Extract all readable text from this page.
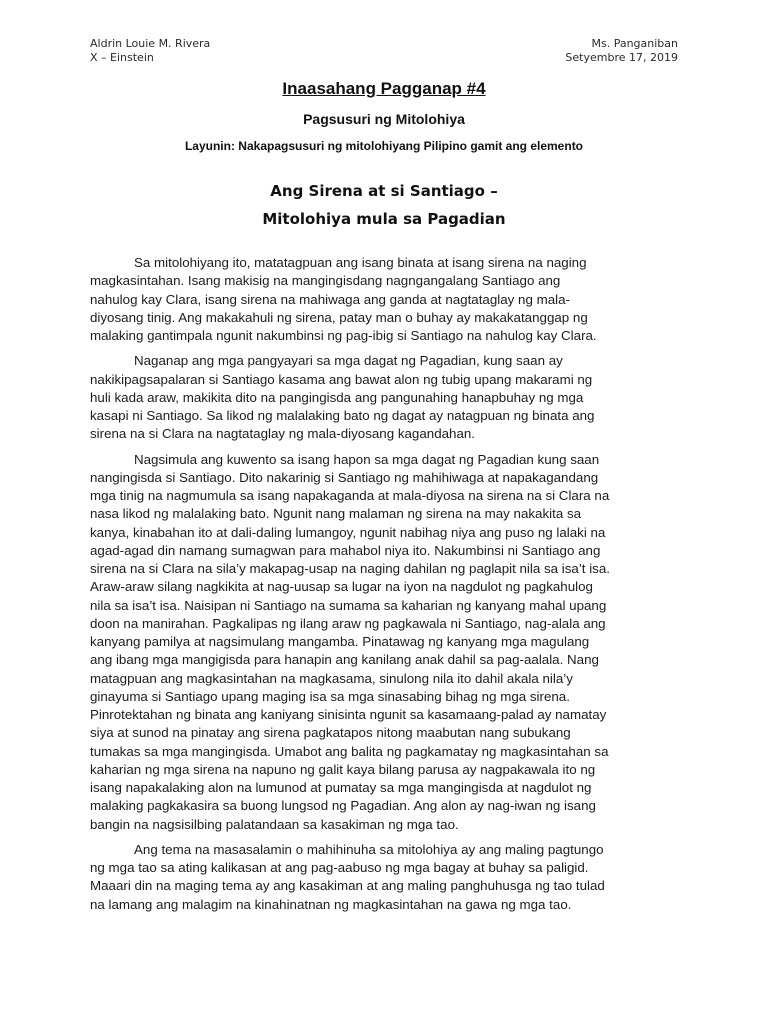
Aldrin Louie M. Rivera
X – Einstein
Ms. Panganiban
Setyembre 17, 2019
Inaasahang Pagganap #4
Pagsusuri ng Mitolohiya
Layunin: Nakapagsusuri ng mitolohiyang Pilipino gamit ang elemento
Ang Sirena at si Santiago –
Mitolohiya mula sa Pagadian
Sa mitolohiyang ito, matatagpuan ang isang binata at isang sirena na naging
magkasintahan. Isang makisig na mangingisdang nagngangalang Santiago ang
nahulog kay Clara, isang sirena na mahiwaga ang ganda at nagtataglay ng mala-
diyosang tinig. Ang makakahuli ng sirena, patay man o buhay ay makakatanggap ng
malaking gantimpala ngunit nakumbinsi ng pag-ibig si Santiago na nahulog kay Clara.
Naganap ang mga pangyayari sa mga dagat ng Pagadian, kung saan ay
nakikipagsapalaran si Santiago kasama ang bawat alon ng tubig upang makarami ng
huli kada araw, makikita dito na pangingisda ang pangunahing hanapbuhay ng mga
kasapi ni Santiago. Sa likod ng malalaking bato ng dagat ay natagpuan ng binata ang
sirena na si Clara na nagtataglay ng mala-diyosang kagandahan.
Nagsimula ang kuwento sa isang hapon sa mga dagat ng Pagadian kung saan
nangingisda si Santiago. Dito nakarinig si Santiago ng mahihiwaga at napakagandang
mga tinig na nagmumula sa isang napakaganda at mala-diyosa na sirena na si Clara na
nasa likod ng malalaking bato. Ngunit nang malaman ng sirena na may nakakita sa
kanya, kinabahan ito at dali-daling lumangoy, ngunit nabihag niya ang puso ng lalaki na
agad-agad din namang sumagwan para mahabol niya ito. Nakumbinsi ni Santiago ang
sirena na si Clara na sila’y makapag-usap na naging dahilan ng paglapit nila sa isa’t isa.
Araw-araw silang nagkikita at nag-uusap sa lugar na iyon na nagdulot ng pagkahulog
nila sa isa’t isa. Naisipan ni Santiago na sumama sa kaharian ng kanyang mahal upang
doon na manirahan. Pagkalipas ng ilang araw ng pagkawala ni Santiago, nag-alala ang
kanyang pamilya at nagsimulang mangamba. Pinatawag ng kanyang mga magulang
ang ibang mga mangigisda para hanapin ang kanilang anak dahil sa pag-aalala. Nang
matagpuan ang magkasintahan na magkasama, sinulong nila ito dahil akala nila’y
ginayuma si Santiago upang maging isa sa mga sinasabing bihag ng mga sirena.
Pinrotektahan ng binata ang kaniyang sinisinta ngunit sa kasamaang-palad ay namatay
siya at sunod na pinatay ang sirena pagkatapos nitong maabutan nang subukang
tumakas sa mga mangingisda. Umabot ang balita ng pagkamatay ng magkasintahan sa
kaharian ng mga sirena na napuno ng galit kaya bilang parusa ay nagpakawala ito ng
isang napakalaking alon na lumunod at pumatay sa mga mangingisda at nagdulot ng
malaking pagkakasira sa buong lungsod ng Pagadian. Ang alon ay nag-iwan ng isang
bangin na nagsisilbing palatandaan sa kasakiman ng mga tao.
Ang tema na masasalamin o mahihinuha sa mitolohiya ay ang maling pagtungo
ng mga tao sa ating kalikasan at ang pag-aabuso ng mga bagay at buhay sa paligid.
Maaari din na maging tema ay ang kasakiman at ang maling panghuhusga ng tao tulad
na lamang ang malagim na kinahinatnan ng magkasintahan na gawa ng mga tao.
